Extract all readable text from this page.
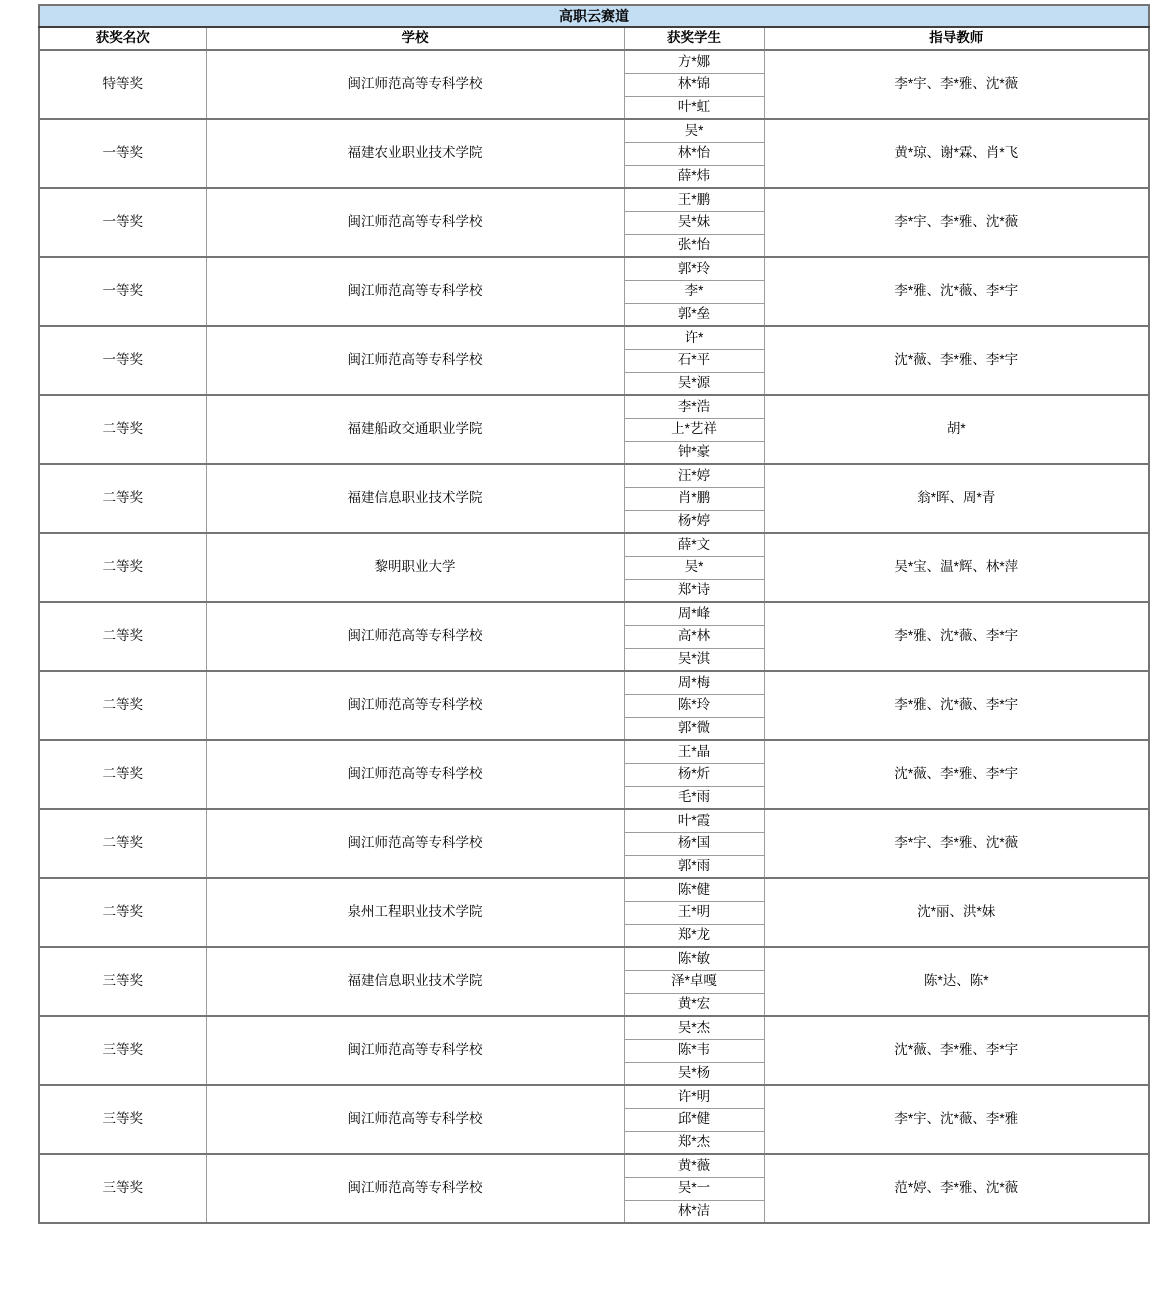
高职云赛道			
获奖名次	学校	获奖学生	指导教师
特等奖	闽江师范高等专科学校	方*娜	李*宇、李*雅、沈*薇
		林*锦	
		叶*虹	
一等奖	福建农业职业技术学院	吴*	黄*琼、谢*霖、肖*飞
		林*怡	
		薛*炜	
一等奖	闽江师范高等专科学校	王*鹏	李*宇、李*雅、沈*薇
		吴*妹	
		张*怡	
一等奖	闽江师范高等专科学校	郭*玲	李*雅、沈*薇、李*宇
		李*	
		郭*垒	
一等奖	闽江师范高等专科学校	许*	沈*薇、李*雅、李*宇
		石*平	
		吴*源	
二等奖	福建船政交通职业学院	李*浩	胡*
		上*艺祥	
		钟*豪	
二等奖	福建信息职业技术学院	汪*婷	翁*晖、周*青
		肖*鹏	
		杨*婷	
二等奖	黎明职业大学	薛*文	吴*宝、温*辉、林*萍
		吴*	
		郑*诗	
二等奖	闽江师范高等专科学校	周*峰	李*雅、沈*薇、李*宇
		高*林	
		吴*淇	
二等奖	闽江师范高等专科学校	周*梅	李*雅、沈*薇、李*宇
		陈*玲	
		郭*微	
二等奖	闽江师范高等专科学校	王*晶	沈*薇、李*雅、李*宇
		杨*炘	
		毛*雨	
二等奖	闽江师范高等专科学校	叶*霞	李*宇、李*雅、沈*薇
		杨*国	
		郭*雨	
二等奖	泉州工程职业技术学院	陈*健	沈*丽、洪*妹
		王*明	
		郑*龙	
三等奖	福建信息职业技术学院	陈*敏	陈*达、陈*
		泽*卓嘎	
		黄*宏	
三等奖	闽江师范高等专科学校	吴*杰	沈*薇、李*雅、李*宇
		陈*韦	
		吴*杨	
三等奖	闽江师范高等专科学校	许*明	李*宇、沈*薇、李*雅
		邱*健	
		郑*杰	
三等奖	闽江师范高等专科学校	黄*薇	范*婷、李*雅、沈*薇
		吴*一	
		林*洁	
